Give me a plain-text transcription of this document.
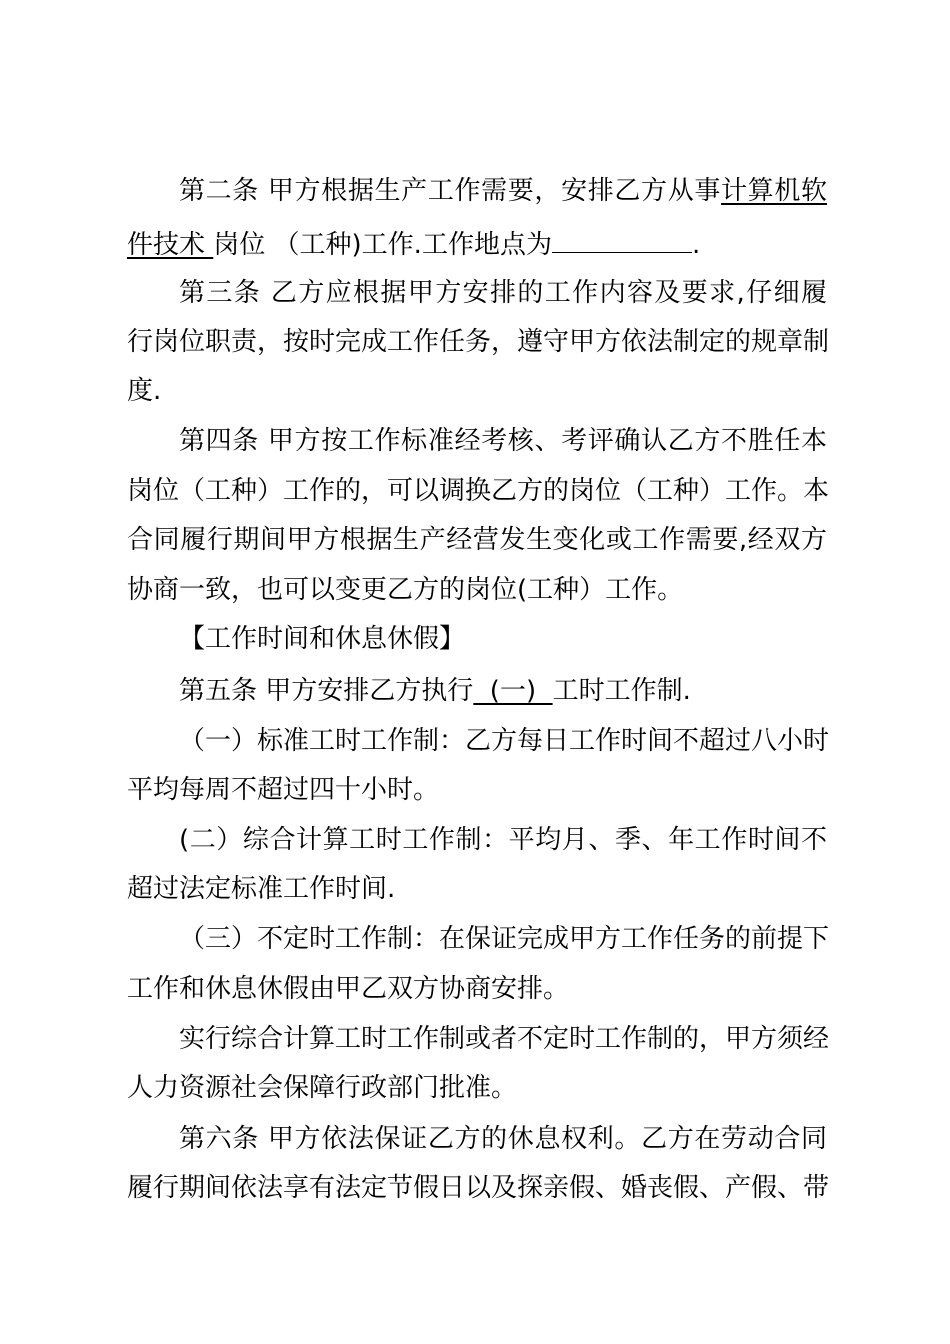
第二条 甲方根据生产工作需要，安排乙方从事计算机软
件技术 岗位 （工种)工作.工作地点为	.
第三条 乙方应根据甲方安排的工作内容及要求,仔细履
行岗位职责，按时完成工作任务，遵守甲方依法制定的规章制
度.
第四条 甲方按工作标准经考核、考评确认乙方不胜任本
岗位（工种）工作的，可以调换乙方的岗位（工种）工作。本
合同履行期间甲方根据生产经营发生变化或工作需要,经双方
协商一致，也可以变更乙方的岗位(工种）工作。
【工作时间和休息休假】
第五条 甲方安排乙方执行  (一)  工时工作制.
（一）标准工时工作制：乙方每日工作时间不超过八小时
平均每周不超过四十小时。
(二）综合计算工时工作制：平均月、季、年工作时间不
超过法定标准工作时间.
（三）不定时工作制：在保证完成甲方工作任务的前提下
工作和休息休假由甲乙双方协商安排。
实行综合计算工时工作制或者不定时工作制的，甲方须经
人力资源社会保障行政部门批准。
第六条 甲方依法保证乙方的休息权利。乙方在劳动合同
履行期间依法享有法定节假日以及探亲假、婚丧假、产假、带
